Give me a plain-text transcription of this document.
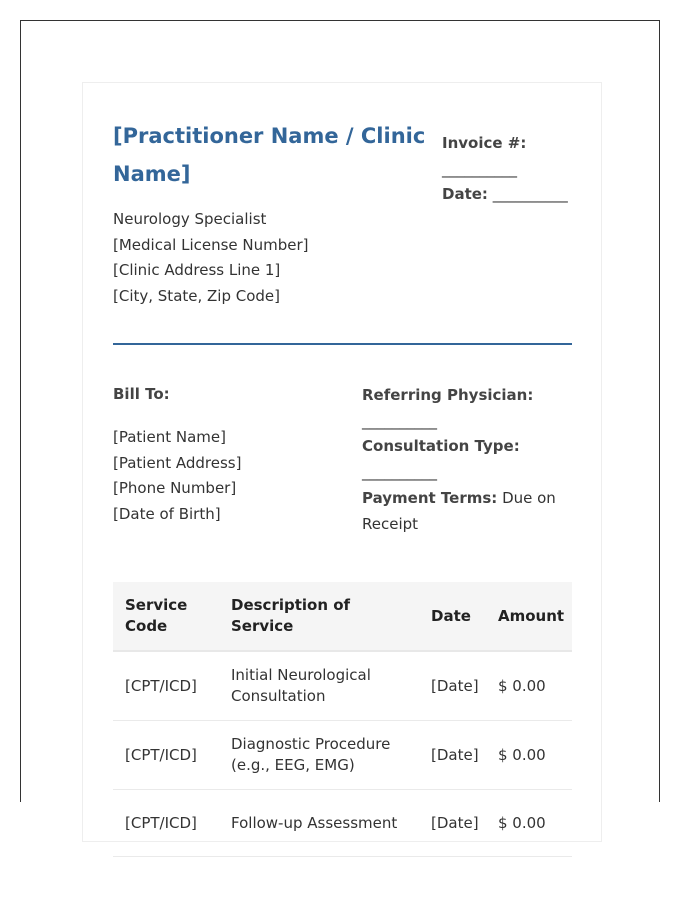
[Practitioner Name / Clinic Name]
Neurology Specialist
[Medical License Number]
[Clinic Address Line 1]
[City, State, Zip Code]
Invoice #:
__________
Date: __________
Bill To:
[Patient Name]
[Patient Address]
[Phone Number]
[Date of Birth]
Referring Physician:
__________
Consultation Type:
__________
Payment Terms: Due on Receipt
Service Code	Description of Service	Date	Amount
[CPT/ICD]	Initial Neurological Consultation	[Date]	$ 0.00
[CPT/ICD]	Diagnostic Procedure (e.g., EEG, EMG)	[Date]	$ 0.00
[CPT/ICD]	Follow-up Assessment	[Date]	$ 0.00
